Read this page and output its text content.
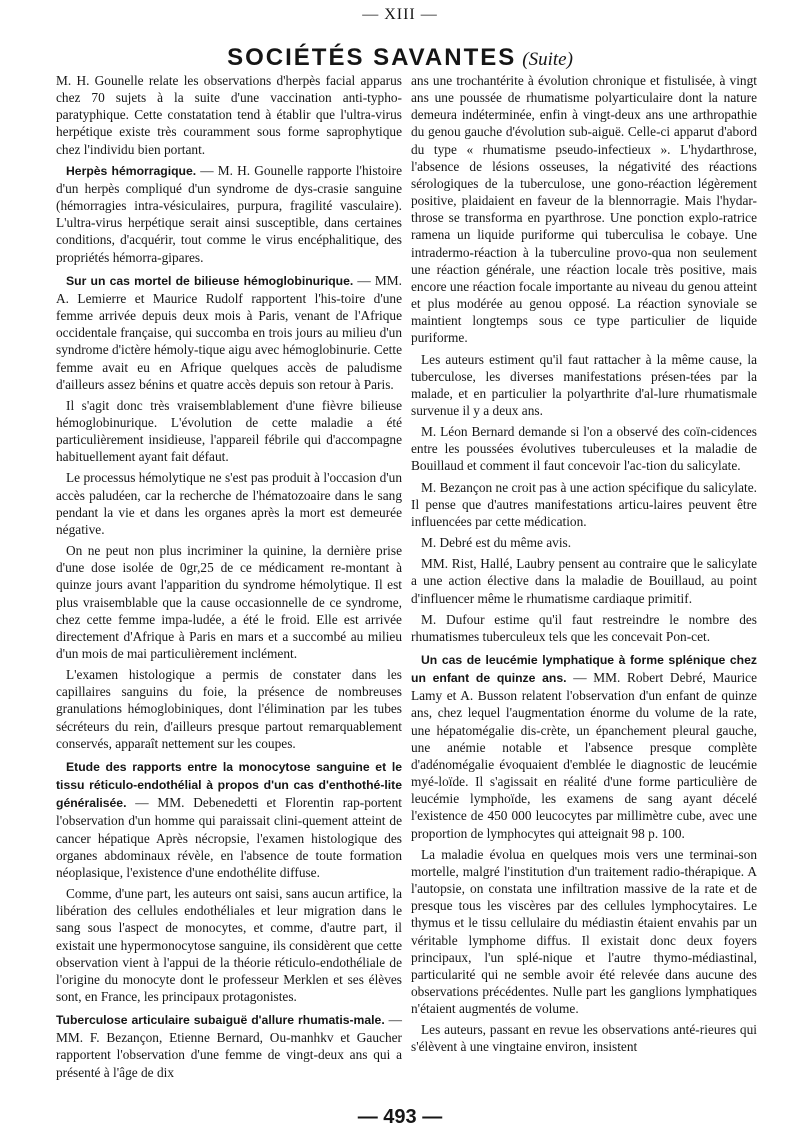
— XIII —
SOCIÉTÉS SAVANTES (Suite)

M. H. Gounelle relate les observations d'herpès facial apparus chez 70 sujets à la suite d'une vaccination anti-typho-paratyphique. Cette constatation tend à établir que l'ultra-virus herpétique existe très couramment sous forme saprophytique chez l'individu bien portant.

Herpès hémorragique. — M. H. Gounelle rapporte l'histoire d'un herpès compliqué d'un syndrome de dys-crasie sanguine (hémorragies intra-vésiculaires, purpura, fragilité vasculaire). L'ultra-virus herpétique serait ainsi susceptible, dans certaines conditions, d'acquérir, tout comme le virus encéphalitique, des propriétés hémorra-gipares.

Sur un cas mortel de bilieuse hémoglobinurique. — MM. A. Lemierre et Maurice Rudolf rapportent l'his-toire d'une femme arrivée depuis deux mois à Paris, venant de l'Afrique occidentale française, qui succomba en trois jours au milieu d'un syndrome d'ictère hémoly-tique aigu avec hémoglobinurie. Cette femme avait eu en Afrique quelques accès de paludisme d'ailleurs assez bénins et quatre accès depuis son retour à Paris.

Il s'agit donc très vraisemblablement d'une fièvre bilieuse hémoglobinurique. L'évolution de cette maladie a été particulièrement insidieuse, l'appareil fébrile qui d'accompagne habituellement ayant fait défaut.

Le processus hémolytique ne s'est pas produit à l'occasion d'un accès paludéen, car la recherche de l'hématozoaire dans le sang pendant la vie et dans les organes après la mort est demeurée négative.

On ne peut non plus incriminer la quinine, la dernière prise d'une dose isolée de 0gr,25 de ce médicament re-montant à quinze jours avant l'apparition du syndrome hémolytique. Il est plus vraisemblable que la cause occasionnelle de ce syndrome, chez cette femme impa-ludée, a été le froid. Elle est arrivée directement d'Afrique à Paris en mars et a succombé au milieu d'un mois de mai particulièrement inclément.

L'examen histologique a permis de constater dans les capillaires sanguins du foie, la présence de nombreuses granulations hémoglobiniques, dont l'élimination par les tubes sécréteurs du rein, d'ailleurs presque partout remarquablement conservés, apparaît nettement sur les coupes.

Etude des rapports entre la monocytose sanguine et le tissu réticulo-endothélial à propos d'un cas d'enthothé-lite généralisée. — MM. Debenedetti et Florentin rap-portent l'observation d'un homme qui paraissait clini-quement atteint de cancer hépatique Après nécropsie, l'examen histologique des organes abdominaux révèle, en l'absence de toute formation néoplasique, l'existence d'une endothélite diffuse.

Comme, d'une part, les auteurs ont saisi, sans aucun artifice, la libération des cellules endothéliales et leur migration dans le sang sous l'aspect de monocytes, et comme, d'autre part, il existait une hypermonocytose sanguine, ils considèrent que cette observation vient à l'appui de la théorie réticulo-endothéliale de l'origine du monocyte dont le professeur Merklen et ses élèves sont, en France, les principaux protagonistes.

Tuberculose articulaire subaiguë d'allure rhumatis-male. — MM. F. Bezançon, Etienne Bernard, Ou-manhkv et Gaucher rapportent l'observation d'une femme de vingt-deux ans qui a présenté à l'âge de dix

ans une trochantérite à évolution chronique et fistulisée, à vingt ans une poussée de rhumatisme polyarticulaire dont la nature demeura indéterminée, enfin à vingt-deux ans une arthropathie du genou gauche d'évolution sub-aiguë. Celle-ci apparut d'abord du type « rhumatisme pseudo-infectieux ». L'hydarthrose, l'absence de lésions osseuses, la négativité des réactions sérologiques de la tuberculose, une gono-réaction légèrement positive, plaidaient en faveur de la blennorragie. Mais l'hydar-throse se transforma en pyarthrose. Une ponction explo-ratrice ramena un liquide puriforme qui tuberculisa le cobaye. Une intradermo-réaction à la tuberculine provo-qua non seulement une réaction générale, une réaction locale très positive, mais encore une réaction focale importante au niveau du genou atteint et plus modérée au genou opposé. La réaction synoviale se maintient longtemps sous ce type particulier de liquide puriforme.

Les auteurs estiment qu'il faut rattacher à la même cause, la tuberculose, les diverses manifestations présen-tées par la malade, et en particulier la polyarthrite d'al-lure rhumatismale survenue il y a deux ans.

M. Léon Bernard demande si l'on a observé des coïn-cidences entre les poussées évolutives tuberculeuses et la maladie de Bouillaud et comment il faut concevoir l'ac-tion du salicylate.

M. Bezançon ne croit pas à une action spécifique du salicylate. Il pense que d'autres manifestations articu-laires peuvent être influencées par cette médication.

M. Debré est du même avis.

MM. Rist, Hallé, Laubry pensent au contraire que le salicylate a une action élective dans la maladie de Bouillaud, au point d'influencer même le rhumatisme cardiaque primitif.

M. Dufour estime qu'il faut restreindre le nombre des rhumatismes tuberculeux tels que les concevait Pon-cet.

Un cas de leucémie lymphatique à forme splénique chez un enfant de quinze ans. — MM. Robert Debré, Maurice Lamy et A. Busson relatent l'observation d'un enfant de quinze ans, chez lequel l'augmentation énorme du volume de la rate, une hépatomégalie dis-crète, un épanchement pleural gauche, une anémie notable et l'absence presque complète d'adénomégalie évoquaient d'emblée le diagnostic de leucémie myé-loïde. Il s'agissait en réalité d'une forme particulière de leucémie lymphoïde, les examens de sang ayant décelé l'existence de 450 000 leucocytes par millimètre cube, avec une proportion de lymphocytes qui atteignait 98 p. 100.

La maladie évolua en quelques mois vers une terminai-son mortelle, malgré l'institution d'un traitement radio-thérapique. A l'autopsie, on constata une infiltration massive de la rate et de presque tous les viscères par des cellules lymphocytaires. Le thymus et le tissu cellulaire du médiastin étaient envahis par un véritable lymphome diffus. Il existait donc deux foyers principaux, l'un splé-nique et l'autre thymo-médiastinal, particularité qui ne semble avoir été relevée dans aucune des observations précédentes. Nulle part les ganglions lymphatiques n'étaient augmentés de volume.

Les auteurs, passant en revue les observations anté-rieures qui s'élèvent à une vingtaine environ, insistent

— 493 —
